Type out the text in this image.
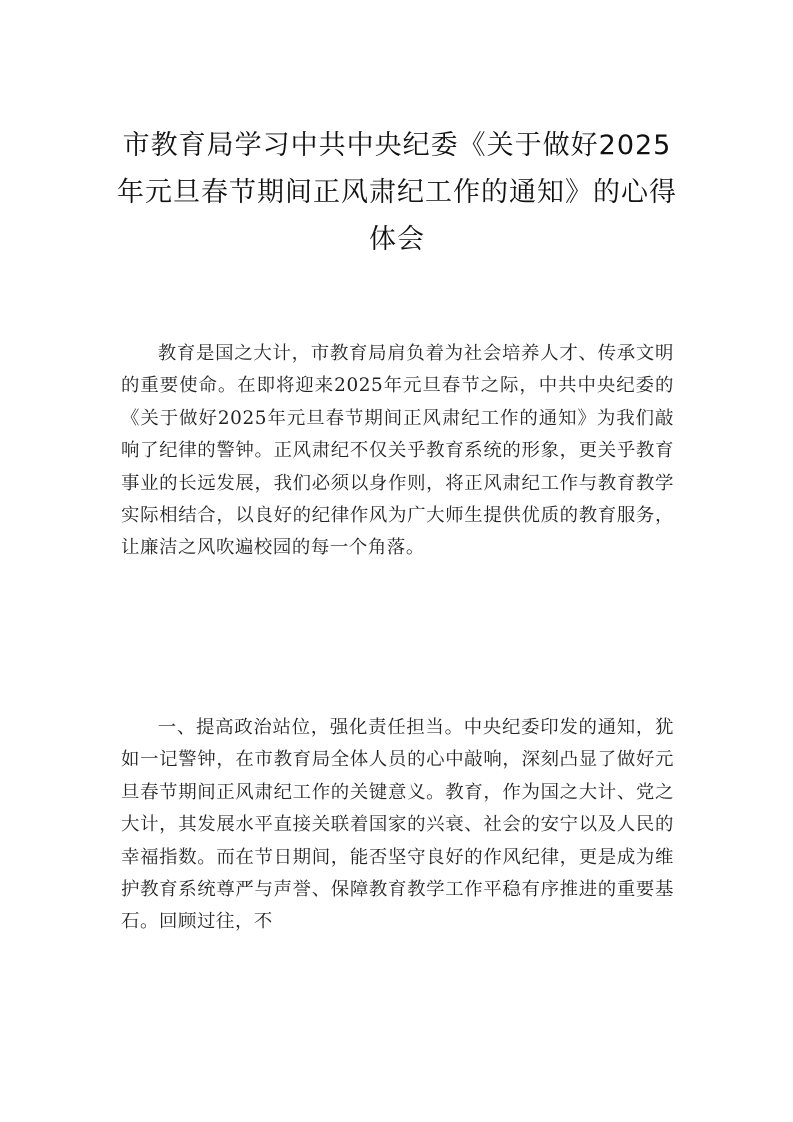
市教育局学习中共中央纪委《关于做好2025年元旦春节期间正风肃纪工作的通知》的心得体会

教育是国之大计，市教育局肩负着为社会培养人才、传承文明的重要使命。在即将迎来2025年元旦春节之际，中共中央纪委的《关于做好2025年元旦春节期间正风肃纪工作的通知》为我们敲响了纪律的警钟。正风肃纪不仅关乎教育系统的形象，更关乎教育事业的长远发展，我们必须以身作则，将正风肃纪工作与教育教学实际相结合，以良好的纪律作风为广大师生提供优质的教育服务，让廉洁之风吹遍校园的每一个角落。

一、提高政治站位，强化责任担当。中央纪委印发的通知，犹如一记警钟，在市教育局全体人员的心中敲响，深刻凸显了做好元旦春节期间正风肃纪工作的关键意义。教育，作为国之大计、党之大计，其发展水平直接关联着国家的兴衰、社会的安宁以及人民的幸福指数。而在节日期间，能否坚守良好的作风纪律，更是成为维护教育系统尊严与声誉、保障教育教学工作平稳有序推进的重要基石。回顾过往，不
